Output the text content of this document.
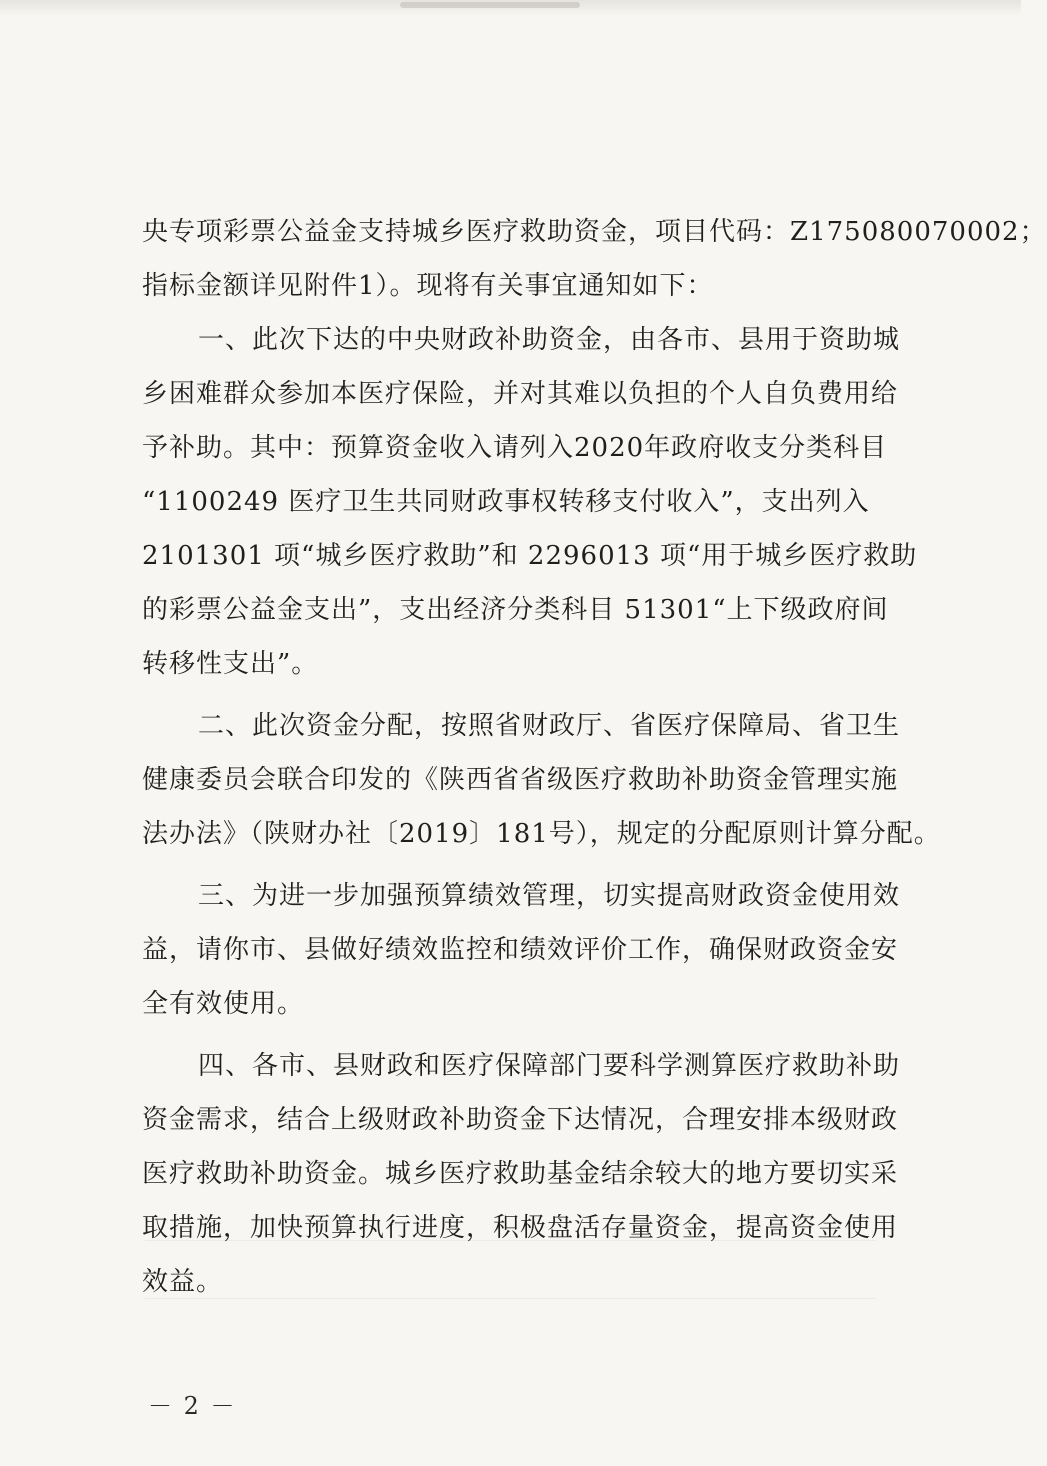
央专项彩票公益金支持城乡医疗救助资金，项目代码：Z175080070002；
指标金额详见附件1）。现将有关事宜通知如下：
一、此次下达的中央财政补助资金，由各市、县用于资助城
乡困难群众参加本医疗保险，并对其难以负担的个人自负费用给
予补助。其中：预算资金收入请列入2020年政府收支分类科目
“1100249 医疗卫生共同财政事权转移支付收入”，支出列入
2101301 项“城乡医疗救助”和 2296013 项“用于城乡医疗救助
的彩票公益金支出”，支出经济分类科目 51301“上下级政府间
转移性支出”。
二、此次资金分配，按照省财政厅、省医疗保障局、省卫生
健康委员会联合印发的《陕西省省级医疗救助补助资金管理实施
法办法》（陕财办社〔2019〕181号），规定的分配原则计算分配。
三、为进一步加强预算绩效管理，切实提高财政资金使用效
益，请你市、县做好绩效监控和绩效评价工作，确保财政资金安
全有效使用。
四、各市、县财政和医疗保障部门要科学测算医疗救助补助
资金需求，结合上级财政补助资金下达情况，合理安排本级财政
医疗救助补助资金。城乡医疗救助基金结余较大的地方要切实采
取措施，加快预算执行进度，积极盘活存量资金，提高资金使用
效益。
－ 2 －
